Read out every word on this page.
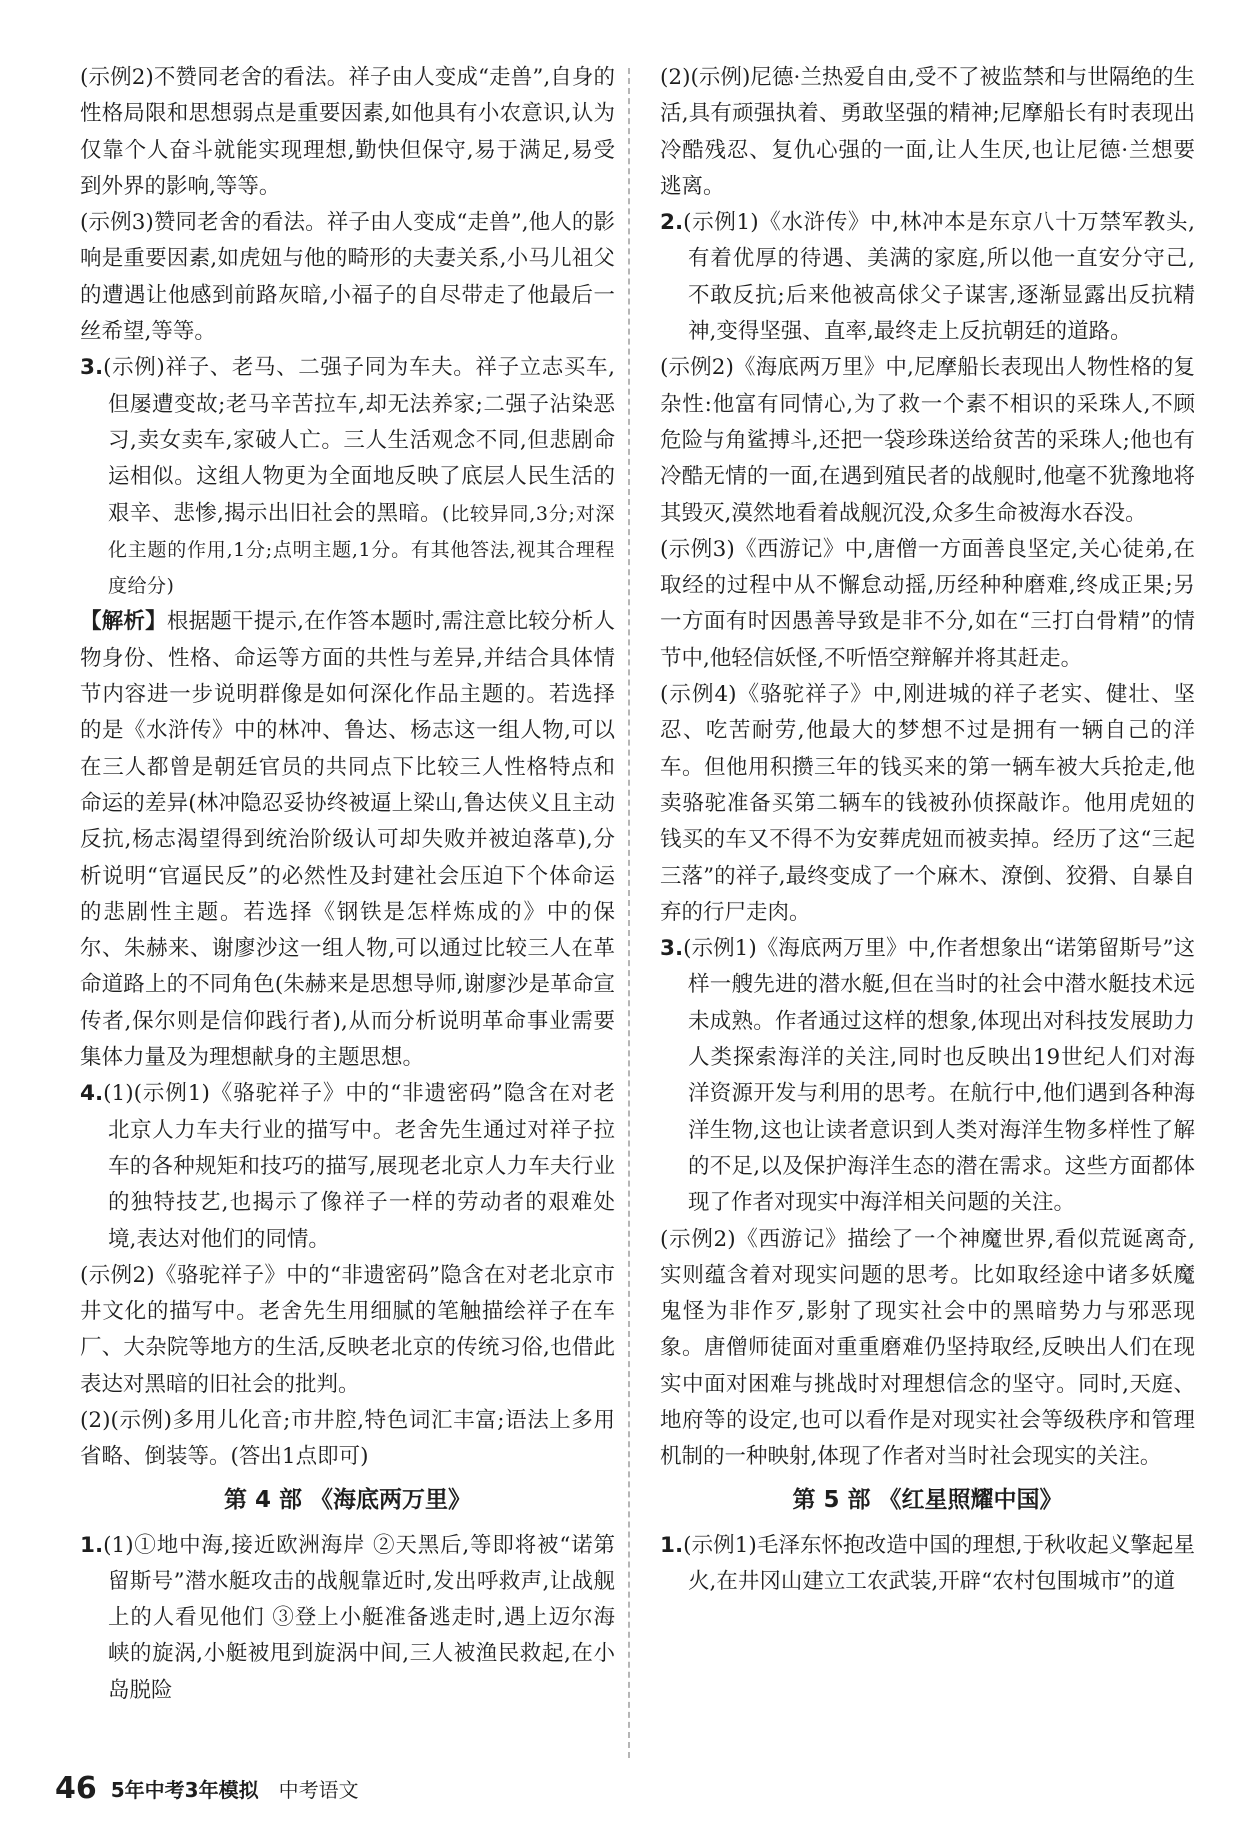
(示例2)不赞同老舍的看法。祥子由人变成“走兽”,自身的性格局限和思想弱点是重要因素,如他具有小农意识,认为仅靠个人奋斗就能实现理想,勤快但保守,易于满足,易受到外界的影响,等等。

(示例3)赞同老舍的看法。祥子由人变成“走兽”,他人的影响是重要因素,如虎妞与他的畸形的夫妻关系,小马儿祖父的遭遇让他感到前路灰暗,小福子的自尽带走了他最后一丝希望,等等。

3.(示例)祥子、老马、二强子同为车夫。祥子立志买车,但屡遭变故;老马辛苦拉车,却无法养家;二强子沾染恶习,卖女卖车,家破人亡。三人生活观念不同,但悲剧命运相似。这组人物更为全面地反映了底层人民生活的艰辛、悲惨,揭示出旧社会的黑暗。(比较异同,3分;对深化主题的作用,1分;点明主题,1分。有其他答法,视其合理程度给分)

【解析】根据题干提示,在作答本题时,需注意比较分析人物身份、性格、命运等方面的共性与差异,并结合具体情节内容进一步说明群像是如何深化作品主题的。若选择的是《水浒传》中的林冲、鲁达、杨志这一组人物,可以在三人都曾是朝廷官员的共同点下比较三人性格特点和命运的差异(林冲隐忍妥协终被逼上梁山,鲁达侠义且主动反抗,杨志渴望得到统治阶级认可却失败并被迫落草),分析说明“官逼民反”的必然性及封建社会压迫下个体命运的悲剧性主题。若选择《钢铁是怎样炼成的》中的保尔、朱赫来、谢廖沙这一组人物,可以通过比较三人在革命道路上的不同角色(朱赫来是思想导师,谢廖沙是革命宣传者,保尔则是信仰践行者),从而分析说明革命事业需要集体力量及为理想献身的主题思想。

4.(1)(示例1)《骆驼祥子》中的“非遗密码”隐含在对老北京人力车夫行业的描写中。老舍先生通过对祥子拉车的各种规矩和技巧的描写,展现老北京人力车夫行业的独特技艺,也揭示了像祥子一样的劳动者的艰难处境,表达对他们的同情。

(示例2)《骆驼祥子》中的“非遗密码”隐含在对老北京市井文化的描写中。老舍先生用细腻的笔触描绘祥子在车厂、大杂院等地方的生活,反映老北京的传统习俗,也借此表达对黑暗的旧社会的批判。

(2)(示例)多用儿化音;市井腔,特色词汇丰富;语法上多用省略、倒装等。(答出1点即可)

第 4 部 《海底两万里》

1.(1)①地中海,接近欧洲海岸 ②天黑后,等即将被“诺第留斯号”潜水艇攻击的战舰靠近时,发出呼救声,让战舰上的人看见他们 ③登上小艇准备逃走时,遇上迈尔海峡的旋涡,小艇被甩到旋涡中间,三人被渔民救起,在小岛脱险

(2)(示例)尼德·兰热爱自由,受不了被监禁和与世隔绝的生活,具有顽强执着、勇敢坚强的精神;尼摩船长有时表现出冷酷残忍、复仇心强的一面,让人生厌,也让尼德·兰想要逃离。

2.(示例1)《水浒传》中,林冲本是东京八十万禁军教头,有着优厚的待遇、美满的家庭,所以他一直安分守己,不敢反抗;后来他被高俅父子谋害,逐渐显露出反抗精神,变得坚强、直率,最终走上反抗朝廷的道路。

(示例2)《海底两万里》中,尼摩船长表现出人物性格的复杂性:他富有同情心,为了救一个素不相识的采珠人,不顾危险与角鲨搏斗,还把一袋珍珠送给贫苦的采珠人;他也有冷酷无情的一面,在遇到殖民者的战舰时,他毫不犹豫地将其毁灭,漠然地看着战舰沉没,众多生命被海水吞没。

(示例3)《西游记》中,唐僧一方面善良坚定,关心徒弟,在取经的过程中从不懈怠动摇,历经种种磨难,终成正果;另一方面有时因愚善导致是非不分,如在“三打白骨精”的情节中,他轻信妖怪,不听悟空辩解并将其赶走。

(示例4)《骆驼祥子》中,刚进城的祥子老实、健壮、坚忍、吃苦耐劳,他最大的梦想不过是拥有一辆自己的洋车。但他用积攒三年的钱买来的第一辆车被大兵抢走,他卖骆驼准备买第二辆车的钱被孙侦探敲诈。他用虎妞的钱买的车又不得不为安葬虎妞而被卖掉。经历了这“三起三落”的祥子,最终变成了一个麻木、潦倒、狡猾、自暴自弃的行尸走肉。

3.(示例1)《海底两万里》中,作者想象出“诺第留斯号”这样一艘先进的潜水艇,但在当时的社会中潜水艇技术远未成熟。作者通过这样的想象,体现出对科技发展助力人类探索海洋的关注,同时也反映出19世纪人们对海洋资源开发与利用的思考。在航行中,他们遇到各种海洋生物,这也让读者意识到人类对海洋生物多样性了解的不足,以及保护海洋生态的潜在需求。这些方面都体现了作者对现实中海洋相关问题的关注。

(示例2)《西游记》描绘了一个神魔世界,看似荒诞离奇,实则蕴含着对现实问题的思考。比如取经途中诸多妖魔鬼怪为非作歹,影射了现实社会中的黑暗势力与邪恶现象。唐僧师徒面对重重磨难仍坚持取经,反映出人们在现实中面对困难与挑战时对理想信念的坚守。同时,天庭、地府等的设定,也可以看作是对现实社会等级秩序和管理机制的一种映射,体现了作者对当时社会现实的关注。

第 5 部 《红星照耀中国》

1.(示例1)毛泽东怀抱改造中国的理想,于秋收起义擎起星火,在井冈山建立工农武装,开辟“农村包围城市”的道

46 5年中考3年模拟 中考语文
